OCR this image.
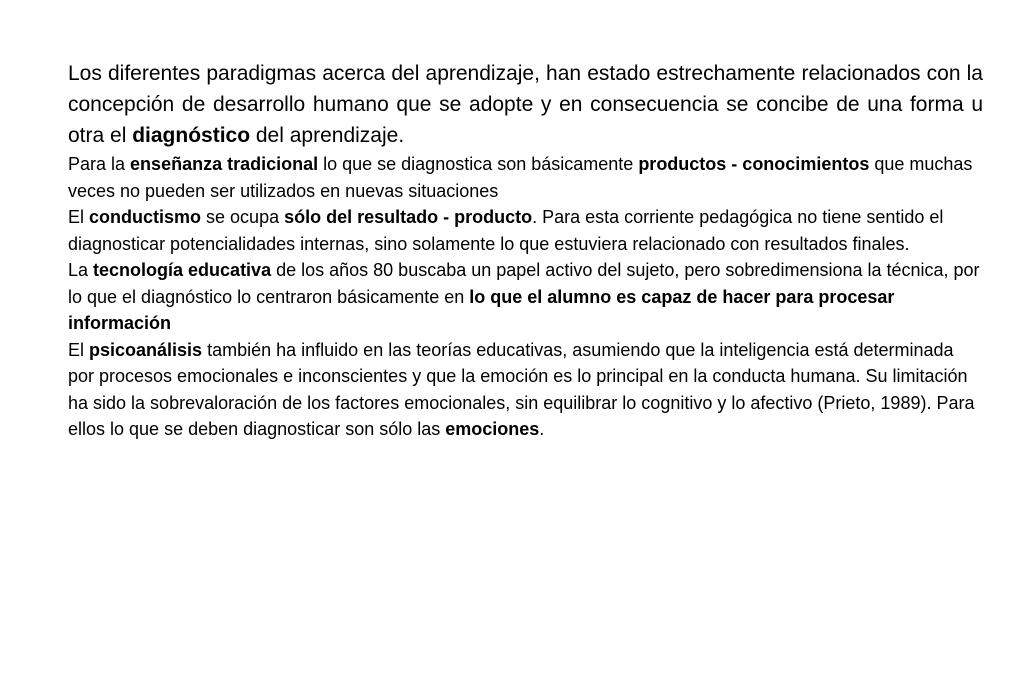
Los diferentes paradigmas acerca del aprendizaje, han estado estrechamente relacionados con la concepción de desarrollo humano que se adopte y en consecuencia se concibe de una forma u otra el diagnóstico del aprendizaje.

Para la enseñanza tradicional lo que se diagnostica son básicamente productos - conocimientos que muchas veces no pueden ser utilizados en nuevas situaciones

El conductismo se ocupa sólo del resultado - producto. Para esta corriente pedagógica no tiene sentido el diagnosticar potencialidades internas, sino solamente lo que estuviera relacionado con resultados finales.

La tecnología educativa de los años 80 buscaba un papel activo del sujeto, pero sobredimensiona la técnica, por lo que el diagnóstico lo centraron básicamente en lo que el alumno es capaz de hacer para procesar información

El psicoanálisis también ha influido en las teorías educativas, asumiendo que la inteligencia está determinada por procesos emocionales e inconscientes y que la emoción es lo principal en la conducta humana. Su limitación ha sido la sobrevaloración de los factores emocionales, sin equilibrar lo cognitivo y lo afectivo (Prieto, 1989). Para ellos lo que se deben diagnosticar son sólo las emociones.
